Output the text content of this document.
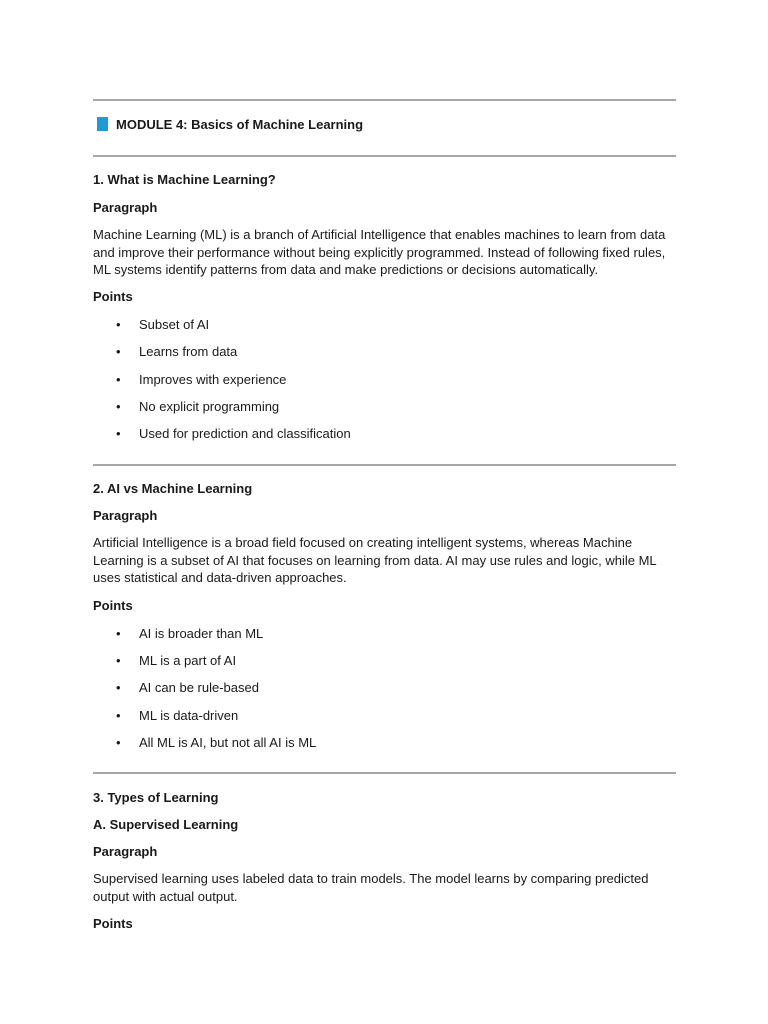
MODULE 4: Basics of Machine Learning
1. What is Machine Learning?
Paragraph
Machine Learning (ML) is a branch of Artificial Intelligence that enables machines to learn from data and improve their performance without being explicitly programmed. Instead of following fixed rules, ML systems identify patterns from data and make predictions or decisions automatically.
Points
• Subset of AI
• Learns from data
• Improves with experience
• No explicit programming
• Used for prediction and classification
2. AI vs Machine Learning
Paragraph
Artificial Intelligence is a broad field focused on creating intelligent systems, whereas Machine Learning is a subset of AI that focuses on learning from data. AI may use rules and logic, while ML uses statistical and data-driven approaches.
Points
• AI is broader than ML
• ML is a part of AI
• AI can be rule-based
• ML is data-driven
• All ML is AI, but not all AI is ML
3. Types of Learning
A. Supervised Learning
Paragraph
Supervised learning uses labeled data to train models. The model learns by comparing predicted output with actual output.
Points
